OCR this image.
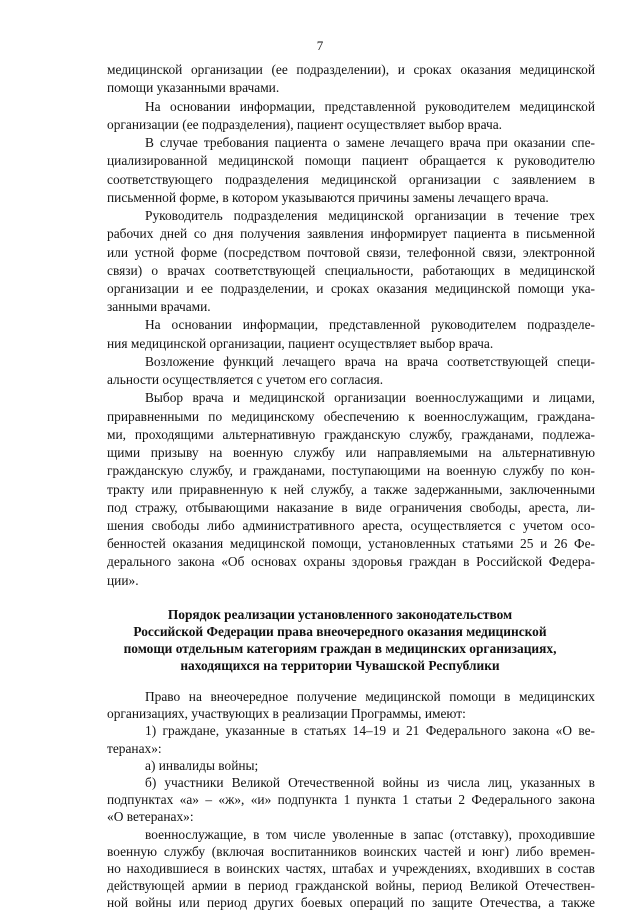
7
медицинской организации (ее подразделении), и сроках оказания медицинской
помощи указанными врачами.
На основании информации, представленной руководителем медицинской
организации (ее подразделения), пациент осуществляет выбор врача.
В случае требования пациента о замене лечащего врача при оказании спе-
циализированной медицинской помощи пациент обращается к руководителю
соответствующего подразделения медицинской организации с заявлением в
письменной форме, в котором указываются причины замены лечащего врача.
Руководитель подразделения медицинской организации в течение трех
рабочих дней со дня получения заявления информирует пациента в письменной
или устной форме (посредством почтовой связи, телефонной связи, электронной
связи) о врачах соответствующей специальности, работающих в медицинской
организации и ее подразделении, и сроках оказания медицинской помощи ука-
занными врачами.
На основании информации, представленной руководителем подразделе-
ния медицинской организации, пациент осуществляет выбор врача.
Возложение функций лечащего врача на врача соответствующей специ-
альности осуществляется с учетом его согласия.
Выбор врача и медицинской организации военнослужащими и лицами,
приравненными по медицинскому обеспечению к военнослужащим, граждана-
ми, проходящими альтернативную гражданскую службу, гражданами, подлежа-
щими призыву на военную службу или направляемыми на альтернативную
гражданскую службу, и гражданами, поступающими на военную службу по кон-
тракту или приравненную к ней службу, а также задержанными, заключенными
под стражу, отбывающими наказание в виде ограничения свободы, ареста, ли-
шения свободы либо административного ареста, осуществляется с учетом осо-
бенностей оказания медицинской помощи, установленных статьями 25 и 26 Фе-
дерального закона «Об основах охраны здоровья граждан в Российской Федера-
ции».
Порядок реализации установленного законодательством
Российской Федерации права внеочередного оказания медицинской
помощи отдельным категориям граждан в медицинских организациях,
находящихся на территории Чувашской Республики
Право на внеочередное получение медицинской помощи в медицинских
организациях, участвующих в реализации Программы, имеют:
1) граждане, указанные в статьях 14–19 и 21 Федерального закона «О ве-
теранах»:
а) инвалиды войны;
б) участники Великой Отечественной войны из числа лиц, указанных в
подпунктах «а» – «ж», «и» подпункта 1 пункта 1 статьи 2 Федерального закона
«О ветеранах»:
военнослужащие, в том числе уволенные в запас (отставку), проходившие
военную службу (включая воспитанников воинских частей и юнг) либо времен-
но находившиеся в воинских частях, штабах и учреждениях, входивших в состав
действующей армии в период гражданской войны, период Великой Отечествен-
ной войны или период других боевых операций по защите Отечества, а также
